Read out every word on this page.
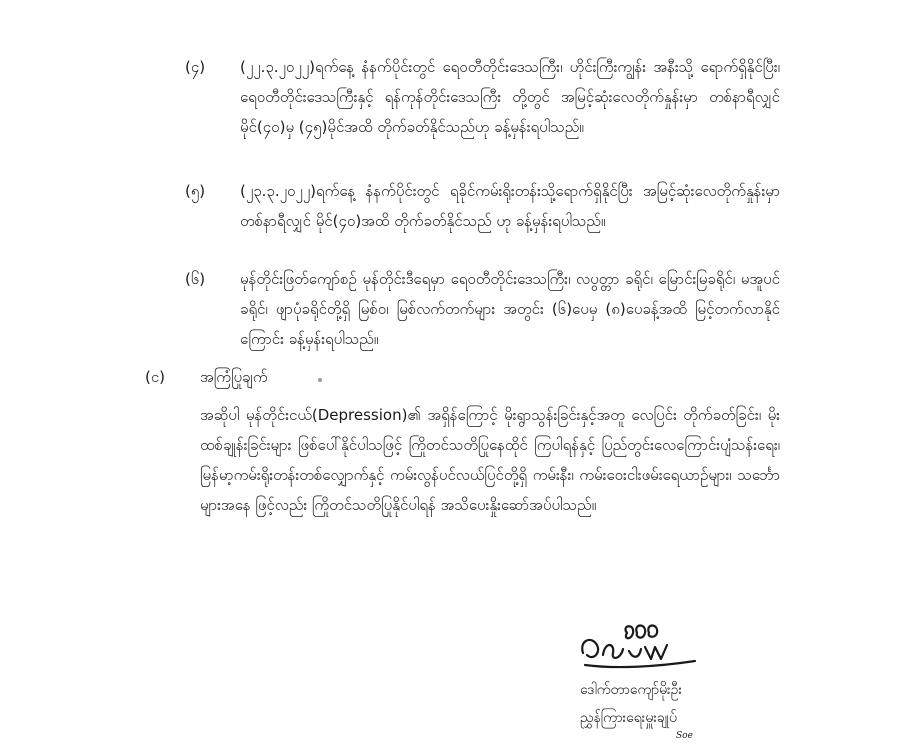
(၄)	(၂၂.၃.၂၀၂၂)ရက်နေ့ နံနက်ပိုင်းတွင် ရေဝတီတိုင်းဒေသကြီး၊ ဟိုင်းကြီးကျွန်း အနီးသို့ ရောက်ရှိနိုင်ပြီး၊ ရေဝတီတိုင်းဒေသကြီးနှင့် ရန်ကုန်တိုင်းဒေသကြီး တို့တွင် အမြင့်ဆုံးလေတိုက်နှုန်းမှာ တစ်နာရီလျှင် မိုင်(၄၀)မှ (၄၅)မိုင်အထိ တိုက်ခတ်နိုင်သည်ဟု ခန့်မှန်းရပါသည်။
(၅)	(၂၃.၃.၂၀၂၂)ရက်နေ့ နံနက်ပိုင်းတွင် ရခိုင်ကမ်းရိုးတန်းသို့ရောက်ရှိနိုင်ပြီး အမြင့်ဆုံးလေတိုက်နှုန်းမှာ တစ်နာရီလျှင် မိုင်(၄၀)အထိ တိုက်ခတ်နိုင်သည် ဟု ခန့်မှန်းရပါသည်။
(၆)	မုန်တိုင်းဖြတ်ကျော်စဉ် မုန်တိုင်းဒီရေမှာ ရေဝတီတိုင်းဒေသကြီး၊ လပွတ္တာ ခရိုင်၊ မြောင်းမြခရိုင်၊ မအူပင်ခရိုင်၊ ဖျာပုံခရိုင်တို့ရှိ မြစ်ဝ၊ မြစ်လက်တက်များ အတွင်း (၆)ပေမှ (၈)ပေခန့်အထိ မြင့်တက်လာနိုင်ကြောင်း ခန့်မှန်းရပါသည်။
(င) အကြံပြုချက်
အဆိုပါ မုန်တိုင်းငယ်(Depression)၏ အရှိန်ကြောင့် မိုးရွာသွန်းခြင်းနှင့်အတူ လေပြင်း တိုက်ခတ်ခြင်း၊ မိုးထစ်ချုန်းခြင်းများ ဖြစ်ပေါ်နိုင်ပါသဖြင့် ကြိုတင်သတိပြုနေထိုင် ကြပါရန်နှင့် ပြည်တွင်းလေကြောင်းပျံသန်းရေး၊ မြန်မာ့ကမ်းရိုးတန်းတစ်လျှောက်နှင့် ကမ်းလွန်ပင်လယ်ပြင်တို့ရှိ ကမ်းနီး၊ ကမ်းဝေးငါးဖမ်းရေယာဉ်များ၊ သင်္ဘောများအနေ ဖြင့်လည်း ကြိုတင်သတိပြုနိုင်ပါရန် အသိပေးနှိုးဆော်အပ်ပါသည်။
ဒေါက်တာကျော်မိုးဦး
ညွှန်ကြားရေးမှူးချုပ်
Soe
